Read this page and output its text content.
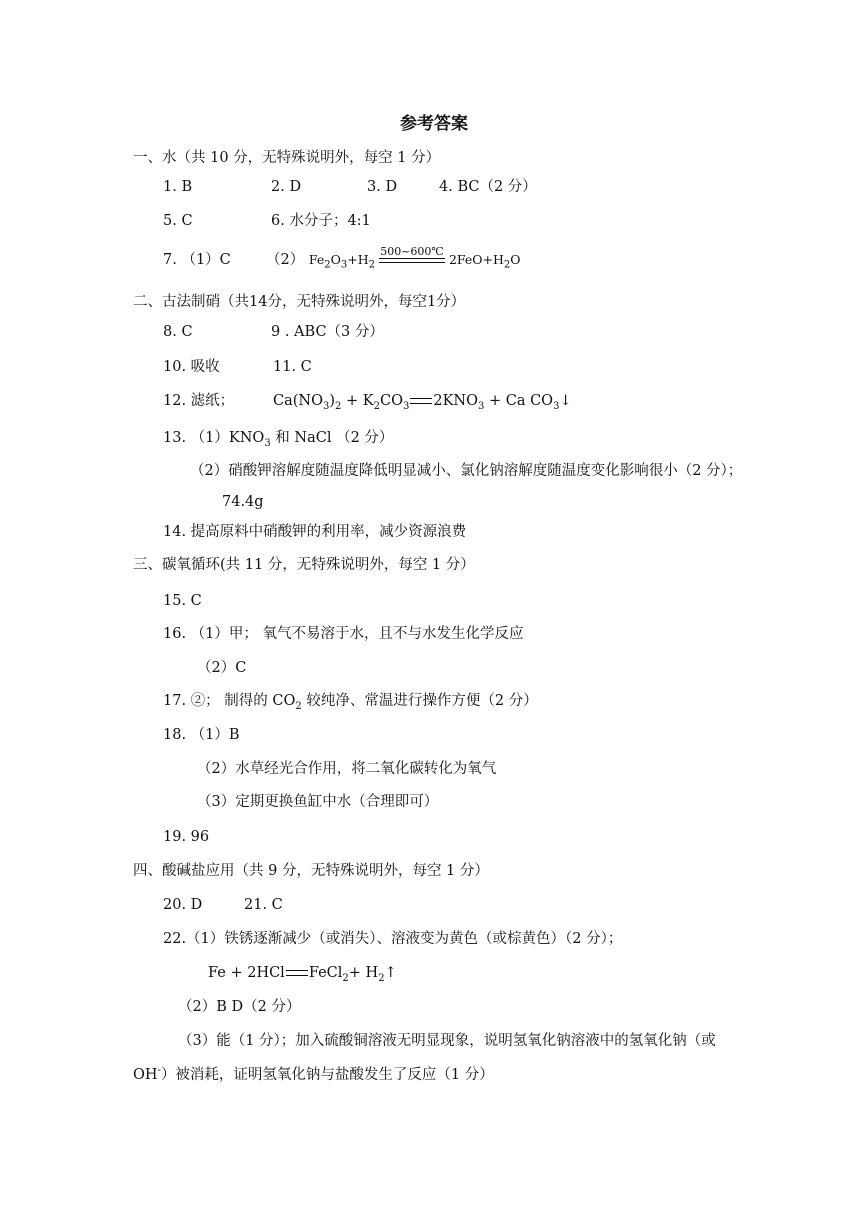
参考答案
一、水（共 10 分，无特殊说明外，每空 1 分）
1. B	2. D	3. D	4. BC（2 分）
5. C	6. 水分子；4:1
7. （1）C （2） $Fe_2O_3+H_2$
500~600℃
$2FeO+H_2O$
二、古法制硝（共14分，无特殊说明外，每空1分）
8. C	9 . ABC（3 分）
10. 吸收	11. C
12. 滤纸；	$Ca(NO_3)_2 + K_2CO_3$ $2KNO_3 + Ca$ $CO_3↓$
13. $(1)KNO_3$ 和 NaCl （2 分）
（2）硝酸钾溶解度随温度降低明显减小、氯化钠溶解度随温度变化影响很小（2 分）；
74.4g
14. 提高原料中硝酸钾的利用率，减少资源浪费
三、碳氧循环(共 11 分，无特殊说明外，每空 1 分）
15. C
16. （1）甲； 氧气不易溶于水，且不与水发生化学反应
（2）C
17. ②； 制得的 $CO_2$ 较纯净、常温进行操作方便（2 分）
18. （1）B
（2）水草经光合作用，将二氧化碳转化为氧气
（3）定期更换鱼缸中水（合理即可）
19. 96
四、酸碱盐应用（共 9 分，无特殊说明外，每空 1 分）
20. D	21. C
22.（1）铁锈逐渐减少（或消失）、溶液变为黄色（或棕黄色）（2 分）；
Fe + 2HCl FeCl$_2$+ $H_2↑$
（2）B D（2 分）
（3）能（1 分）；加入硫酸铜溶液无明显现象，说明氢氧化钠溶液中的氢氧化钠（或
OH-）被消耗，证明氢氧化钠与盐酸发生了反应（1 分）
